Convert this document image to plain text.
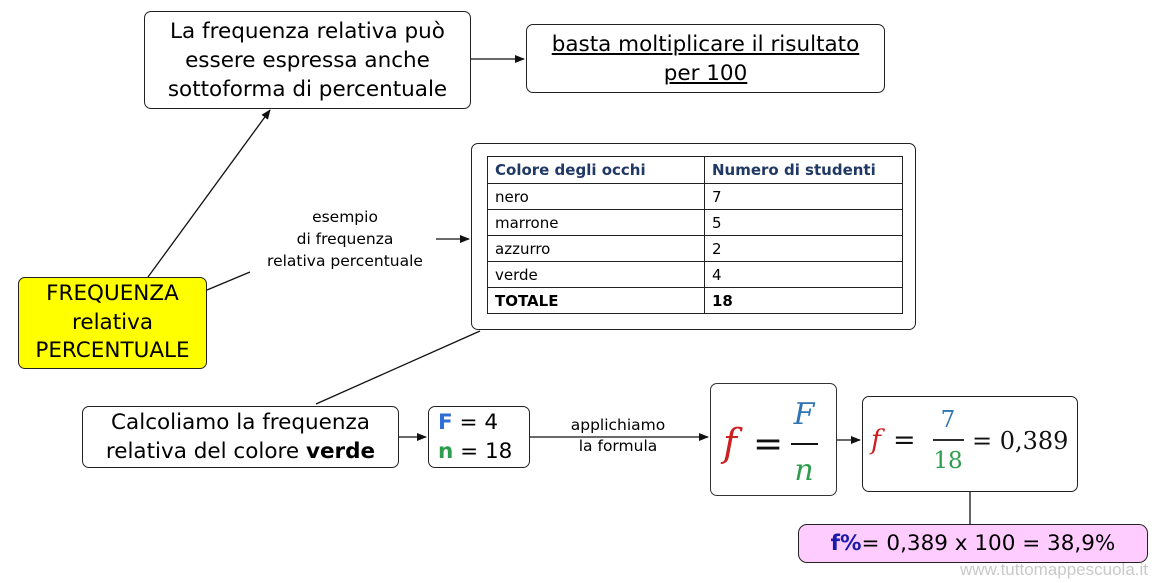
La frequenza relativa può
essere espressa anche
sottoforma di percentuale
basta moltiplicare il risultato
per 100
FREQUENZA
relativa
PERCENTUALE
esempio
di frequenza
relativa percentuale
Colore degli occhi	Numero di studenti
nero	7
marrone	5
azzurro	2
verde	4
TOTALE	18
Calcoliamo la frequenza
relativa del colore verde
F = 4
n = 18
applichiamo
la formula	f =
F
n
f =
7
18
= 0,389
f%= 0,389 x 100 = 38,9%
www.tuttomappescuola.it
